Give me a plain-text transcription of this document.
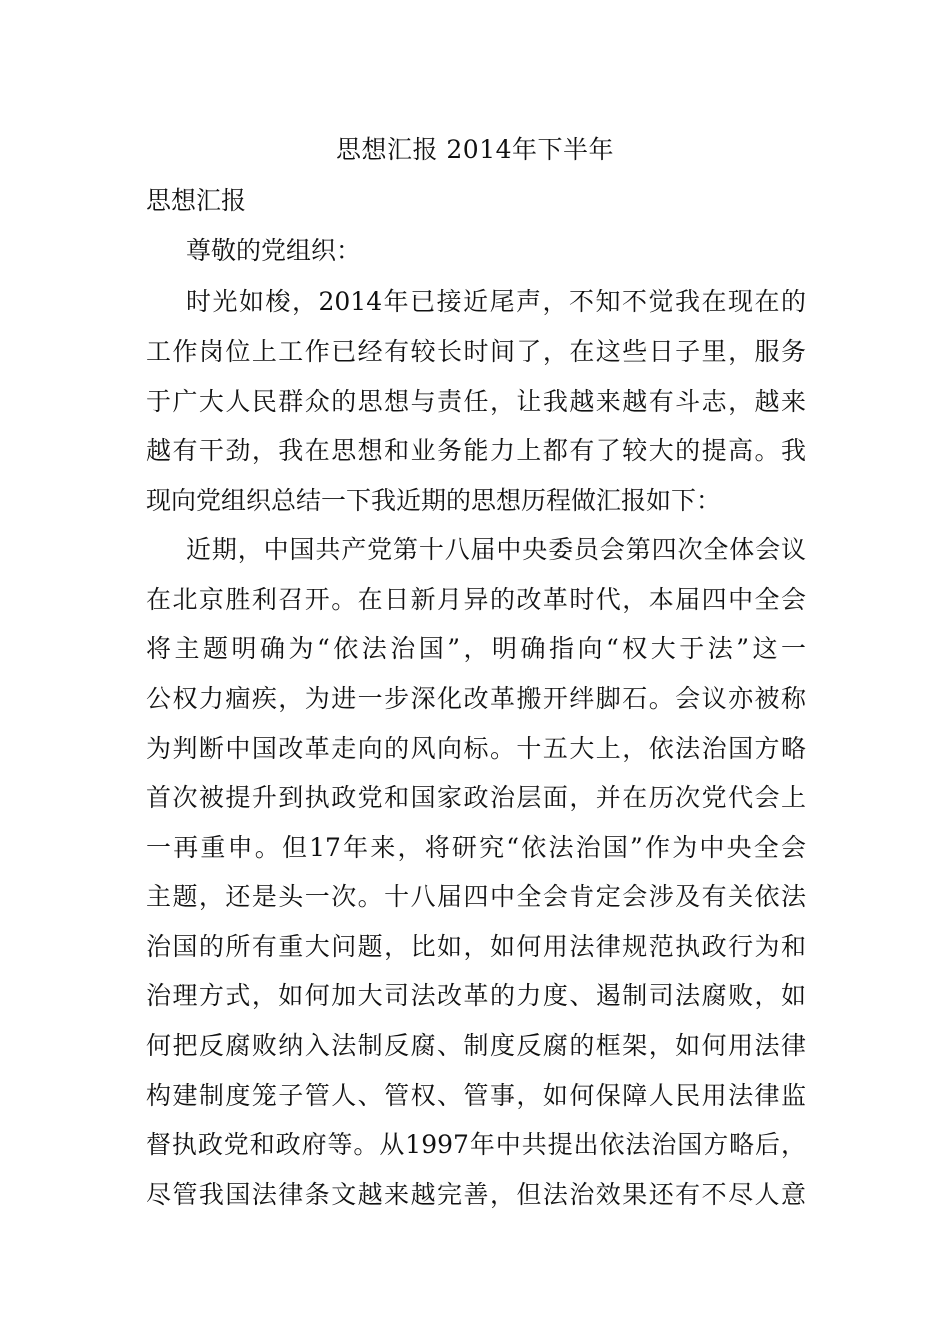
思想汇报 2014年下半年
思想汇报
尊敬的党组织：
时光如梭，2014年已接近尾声，不知不觉我在现在的
工作岗位上工作已经有较长时间了，在这些日子里，服务
于广大人民群众的思想与责任，让我越来越有斗志，越来
越有干劲，我在思想和业务能力上都有了较大的提高。我
现向党组织总结一下我近期的思想历程做汇报如下：
近期，中国共产党第十八届中央委员会第四次全体会议
在北京胜利召开。在日新月异的改革时代，本届四中全会
将主题明确为“依法治国”，明确指向“权大于法”这一
公权力痼疾，为进一步深化改革搬开绊脚石。会议亦被称
为判断中国改革走向的风向标。十五大上，依法治国方略
首次被提升到执政党和国家政治层面，并在历次党代会上
一再重申。但17年来，将研究“依法治国”作为中央全会
主题，还是头一次。十八届四中全会肯定会涉及有关依法
治国的所有重大问题，比如，如何用法律规范执政行为和
治理方式，如何加大司法改革的力度、遏制司法腐败，如
何把反腐败纳入法制反腐、制度反腐的框架，如何用法律
构建制度笼子管人、管权、管事，如何保障人民用法律监
督执政党和政府等。从1997年中共提出依法治国方略后，
尽管我国法律条文越来越完善，但法治效果还有不尽人意
